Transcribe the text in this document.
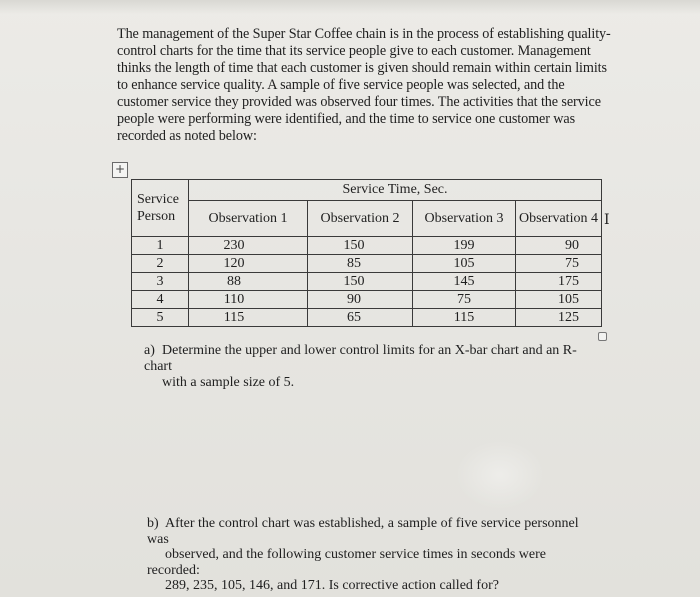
The management of the Super Star Coffee chain is in the process of establishing quality-
control charts for the time that its service people give to each customer. Management
thinks the length of time that each customer is given should remain within certain limits
to enhance service quality. A sample of five service people was selected, and the
customer service they provided was observed four times. The activities that the service
people were performing were identified, and the time to service one customer was
recorded as noted below:

+
Service
Person	Service Time, Sec.			
	Observation 1	Observation 2	Observation 3	Observation 4
1	230	150	199	90
2	120	85	105	75
3	88	150	145	175
4	110	90	75	105
5	115	65	115	125
I

a) Determine the upper and lower control limits for an X-bar chart and an R-chart
with a sample size of 5.

b) After the control chart was established, a sample of five service personnel was
observed, and the following customer service times in seconds were recorded:
289, 235, 105, 146, and 171. Is corrective action called for?
